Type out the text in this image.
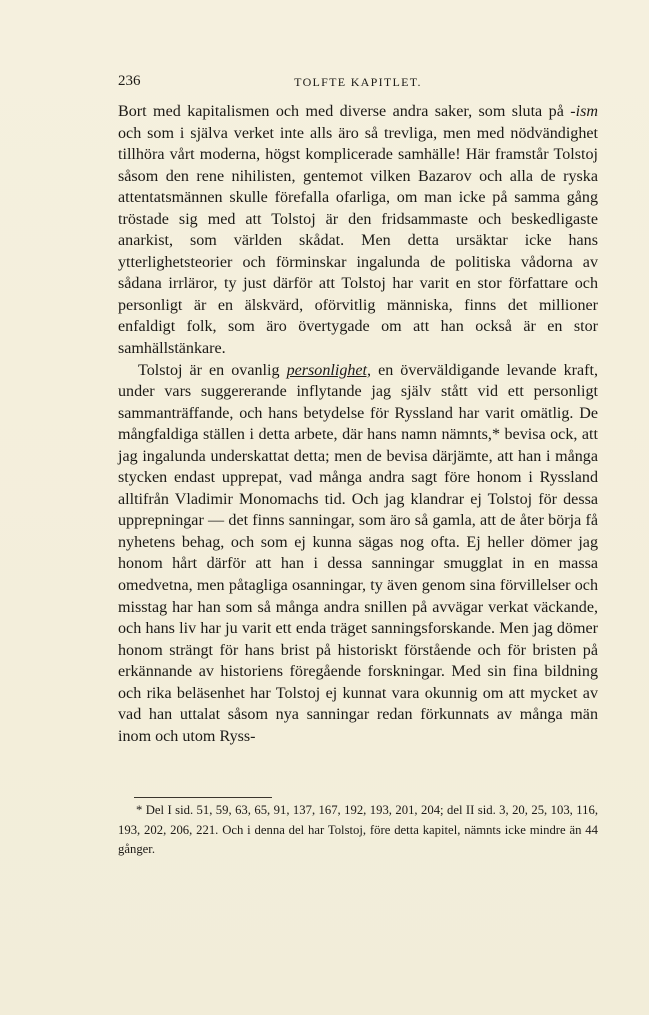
236	TOLFTE KAPITLET.

Bort med kapitalismen och med diverse andra saker, som sluta på -ism och som i själva verket inte alls äro så trevliga, men med nödvändighet tillhöra vårt moderna, högst komplicerade samhälle! Här framstår Tolstoj såsom den rene nihilisten, gentemot vilken Bazarov och alla de ryska attentatsmännen skulle förefalla ofarliga, om man icke på samma gång tröstade sig med att Tolstoj är den fridsammaste och beskedligaste anarkist, som världen skådat. Men detta ursäktar icke hans ytterlighetsteorier och förminskar ingalunda de politiska vådorna av sådana irrläror, ty just därför att Tolstoj har varit en stor författare och personligt är en älskvärd, oförvitlig människa, finns det millioner enfaldigt folk, som äro övertygade om att han också är en stor samhällstänkare.

Tolstoj är en ovanlig personlighet, en överväldigande levande kraft, under vars suggererande inflytande jag själv stått vid ett personligt sammanträffande, och hans betydelse för Ryssland har varit omätlig. De mångfaldiga ställen i detta arbete, där hans namn nämnts,* bevisa ock, att jag ingalunda underskattat detta; men de bevisa därjämte, att han i många stycken endast upprepat, vad många andra sagt före honom i Ryssland alltifrån Vladimir Monomachs tid. Och jag klandrar ej Tolstoj för dessa upprepningar — det finns sanningar, som äro så gamla, att de åter börja få nyhetens behag, och som ej kunna sägas nog ofta. Ej heller dömer jag honom hårt därför att han i dessa sanningar smugglat in en massa omedvetna, men påtagliga osanningar, ty även genom sina förvillelser och misstag har han som så många andra snillen på avvägar verkat väckande, och hans liv har ju varit ett enda träget sanningsforskande. Men jag dömer honom strängt för hans brist på historiskt förstående och för bristen på erkännande av historiens föregående forskningar. Med sin fina bildning och rika beläsenhet har Tolstoj ej kunnat vara okunnig om att mycket av vad han uttalat såsom nya sanningar redan förkunnats av många män inom och utom Ryss-

* Del I sid. 51, 59, 63, 65, 91, 137, 167, 192, 193, 201, 204; del II sid. 3, 20, 25, 103, 116, 193, 202, 206, 221. Och i denna del har Tolstoj, före detta kapitel, nämnts icke mindre än 44 gånger.
